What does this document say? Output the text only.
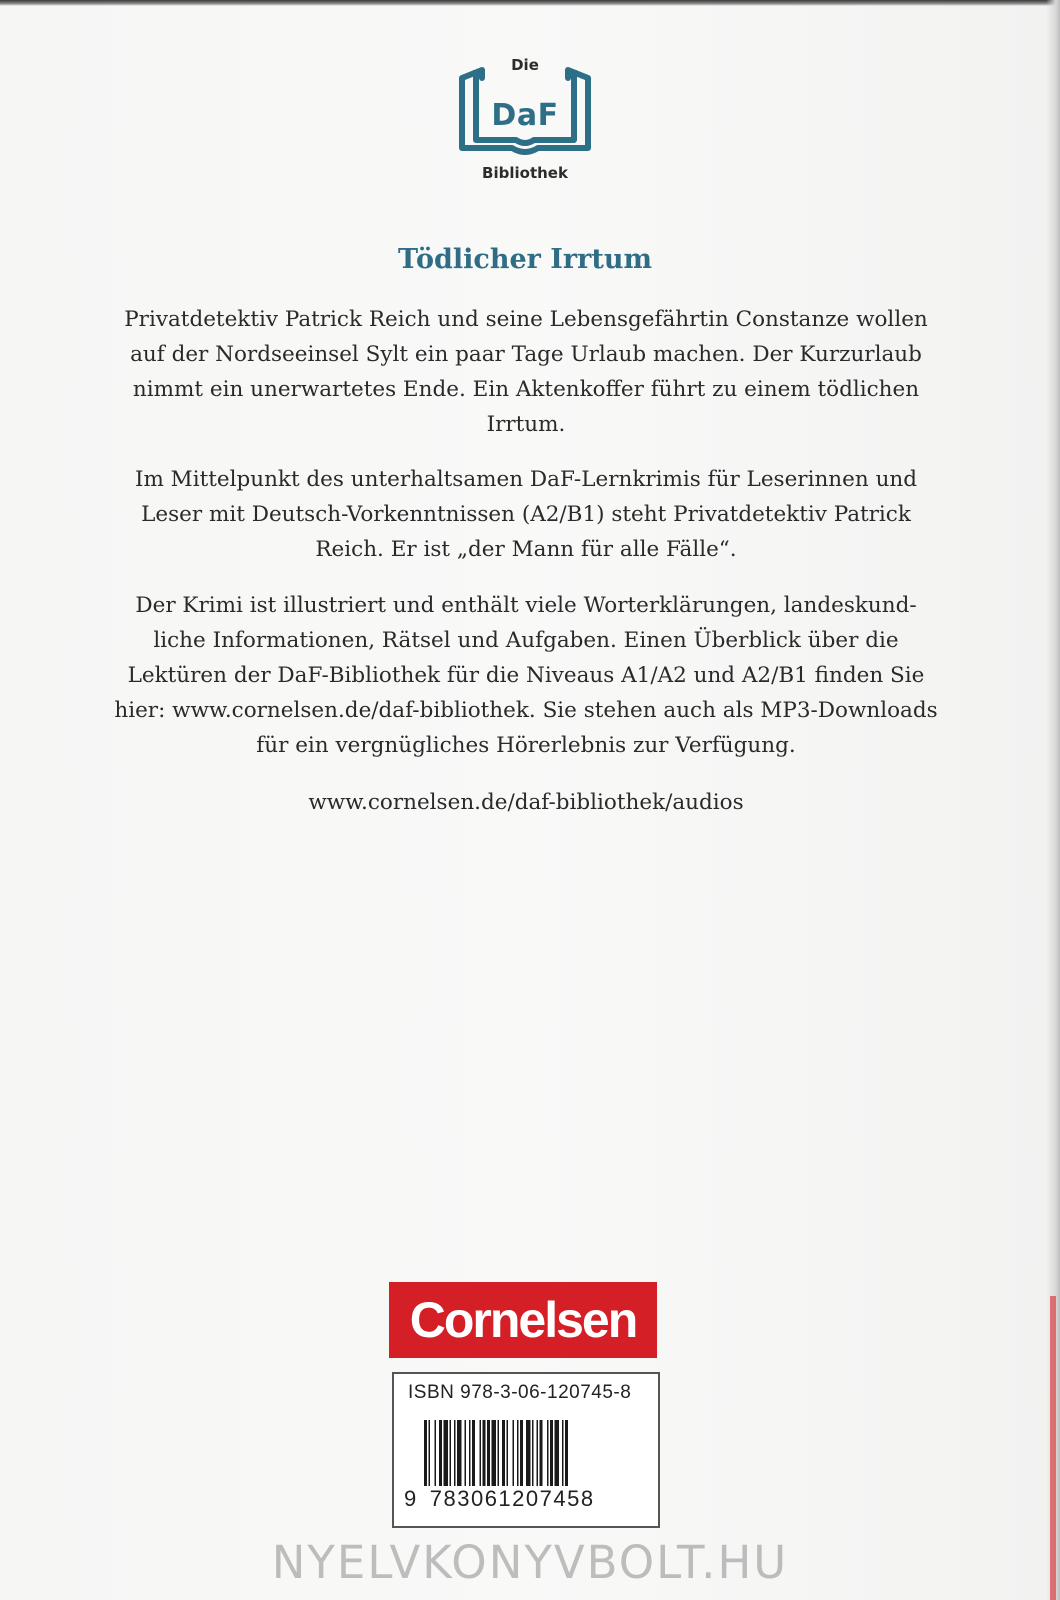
Die
DaF
Bibliothek
Tödlicher Irrtum
Privatdetektiv Patrick Reich und seine Lebensgefährtin Constanze wollen auf der Nordseeinsel Sylt ein paar Tage Urlaub machen. Der Kurzurlaub nimmt ein unerwartetes Ende. Ein Aktenkoffer führt zu einem tödlichen Irrtum.
Im Mittelpunkt des unterhaltsamen DaF-Lernkrimis für Leserinnen und Leser mit Deutsch-Vorkenntnissen (A2/B1) steht Privatdetektiv Patrick Reich. Er ist „der Mann für alle Fälle“.
Der Krimi ist illustriert und enthält viele Worterklärungen, landeskund-liche Informationen, Rätsel und Aufgaben. Einen Überblick über die Lektüren der DaF-Bibliothek für die Niveaus A1/A2 und A2/B1 finden Sie hier: www.cornelsen.de/daf-bibliothek. Sie stehen auch als MP3-Downloads für ein vergnügliches Hörerlebnis zur Verfügung.
www.cornelsen.de/daf-bibliothek/audios
Cornelsen
ISBN 978-3-06-120745-8
9 783061207458
NYELVKONYVBOLT.HU
